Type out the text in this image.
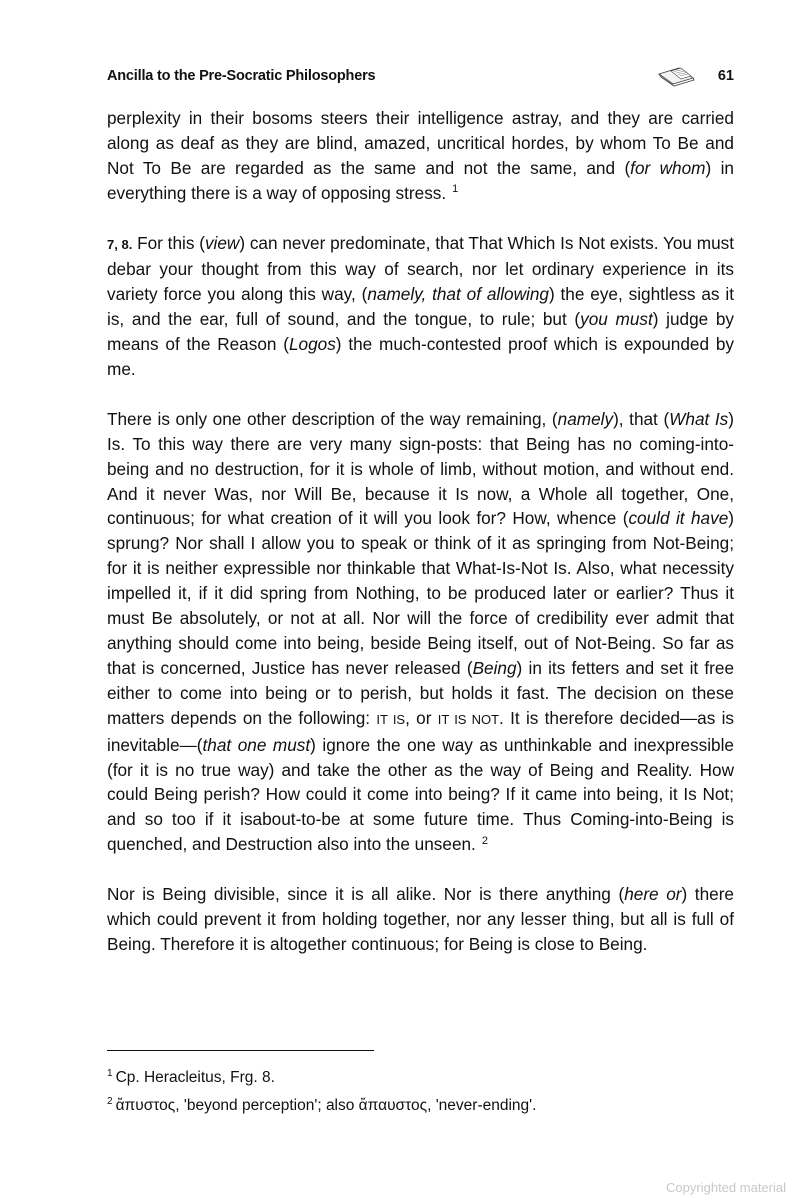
Ancilla to the Pre-Socratic Philosophers	61

perplexity in their bosoms steers their intelligence astray, and they are carried along as deaf as they are blind, amazed, uncritical hordes, by whom To Be and Not To Be are regarded as the same and not the same, and (for whom) in everything there is a way of opposing stress. $^1$

7, 8. For this (view) can never predominate, that That Which Is Not exists. You must debar your thought from this way of search, nor let ordinary experience in its variety force you along this way, (namely, that of allowing) the eye, sightless as it is, and the ear, full of sound, and the tongue, to rule; but (you must) judge by means of the Reason (Logos) the much-contested proof which is expounded by me.

There is only one other description of the way remaining, (namely), that (What Is) Is. To this way there are very many sign-posts: that Being has no coming-into-being and no destruction, for it is whole of limb, without motion, and without end. And it never Was, nor Will Be, because it Is now, a Whole all together, One, continuous; for what creation of it will you look for? How, whence (could it have) sprung? Nor shall I allow you to speak or think of it as springing from Not-Being; for it is neither expressible nor thinkable that What-Is-Not Is. Also, what necessity impelled it, if it did spring from Nothing, to be produced later or earlier? Thus it must Be absolutely, or not at all. Nor will the force of credibility ever admit that anything should come into being, beside Being itself, out of Not-Being. So far as that is concerned, Justice has never released (Being) in its fetters and set it free either to come into being or to perish, but holds it fast. The decision on these matters depends on the following: IT IS, or IT IS NOT. It is therefore decided—as is inevitable—(that one must) ignore the one way as unthinkable and inexpressible (for it is no true way) and take the other as the way of Being and Reality. How could Being perish? How could it come into being? If it came into being, it Is Not; and so too if it isabout-to-be at some future time. Thus Coming-into-Being is quenched, and Destruction also into the unseen. $^2$

Nor is Being divisible, since it is all alike. Nor is there anything (here or) there which could prevent it from holding together, nor any lesser thing, but all is full of Being. Therefore it is altogether continuous; for Being is close to Being.

$^1$ Cp. Heracleitus, Frg. 8.

$^2$ ἄπυστος, 'beyond perception'; also ἄπαυστος, 'never-ending'.

Copyrighted material
